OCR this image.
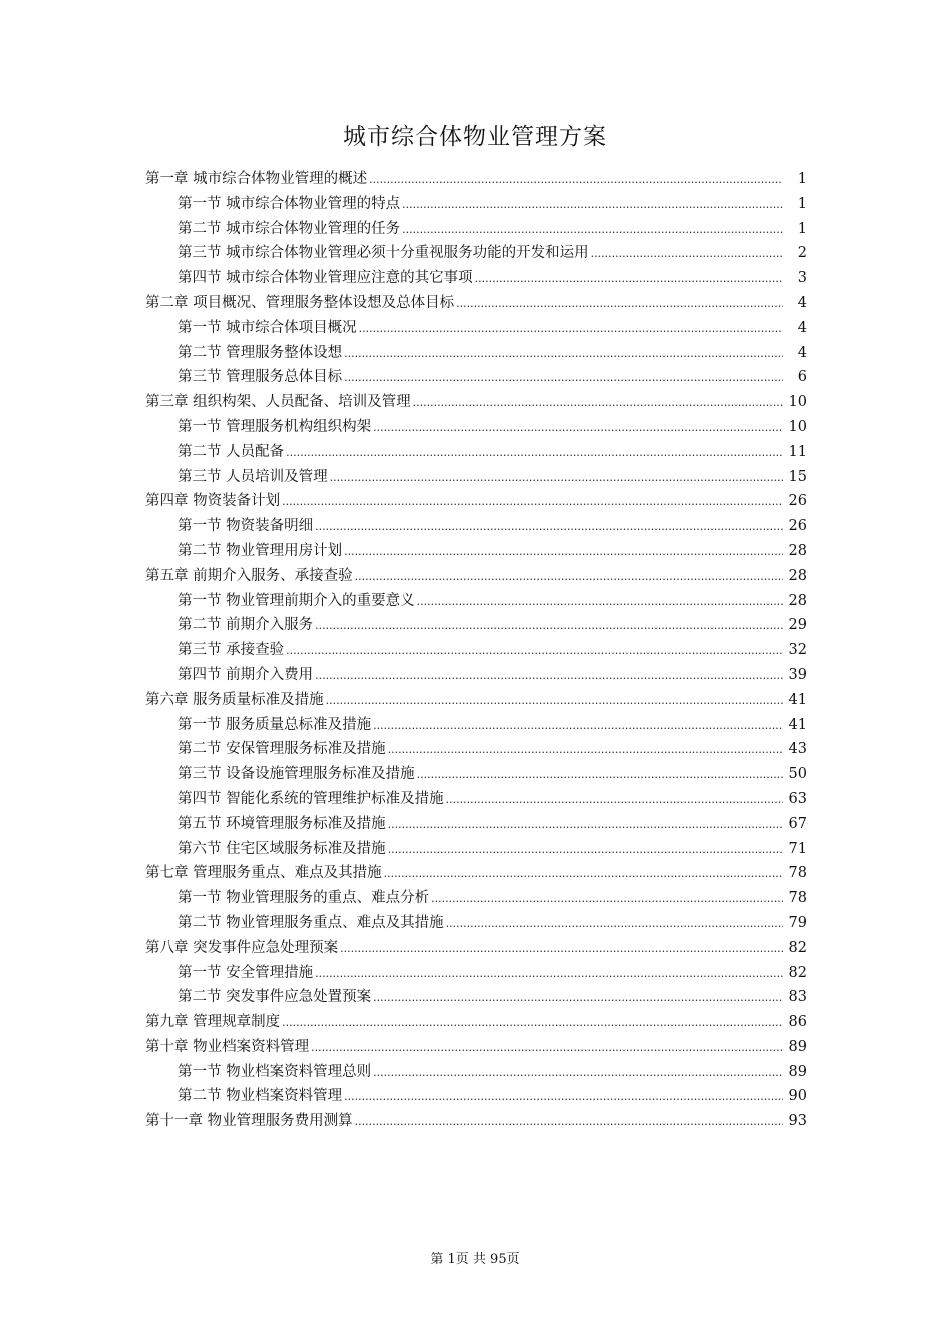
城市综合体物业管理方案
第一章 城市综合体物业管理的概述 .....	1
第一节 城市综合体物业管理的特点 .....	1
第二节 城市综合体物业管理的任务 .....	1
第三节 城市综合体物业管理必须十分重视服务功能的开发和运用 .....	2
第四节 城市综合体物业管理应注意的其它事项 .....	3
第二章 项目概况、管理服务整体设想及总体目标 .....	4
第一节 城市综合体项目概况 .....	4
第二节 管理服务整体设想 .....	4
第三节 管理服务总体目标 .....	6
第三章 组织构架、人员配备、培训及管理 .....	10
第一节 管理服务机构组织构架 .....	10
第二节 人员配备 .....	11
第三节 人员培训及管理 .....	15
第四章 物资装备计划 .....	26
第一节 物资装备明细 .....	26
第二节 物业管理用房计划 .....	28
第五章 前期介入服务、承接查验 .....	28
第一节 物业管理前期介入的重要意义 .....	28
第二节 前期介入服务 .....	29
第三节 承接查验 .....	32
第四节 前期介入费用 .....	39
第六章 服务质量标准及措施 .....	41
第一节 服务质量总标准及措施 .....	41
第二节 安保管理服务标准及措施 .....	43
第三节 设备设施管理服务标准及措施 .....	50
第四节 智能化系统的管理维护标准及措施 .....	63
第五节 环境管理服务标准及措施 .....	67
第六节 住宅区域服务标准及措施 .....	71
第七章 管理服务重点、难点及其措施 .....	78
第一节 物业管理服务的重点、难点分析 .....	78
第二节 物业管理服务重点、难点及其措施 .....	79
第八章 突发事件应急处理预案 .....	82
第一节 安全管理措施 .....	82
第二节 突发事件应急处置预案 .....	83
第九章 管理规章制度 .....	86
第十章 物业档案资料管理 .....	89
第一节 物业档案资料管理总则 .....	89
第二节 物业档案资料管理 .....	90
第十一章 物业管理服务费用测算 .....	93
第 1页 共 95页
